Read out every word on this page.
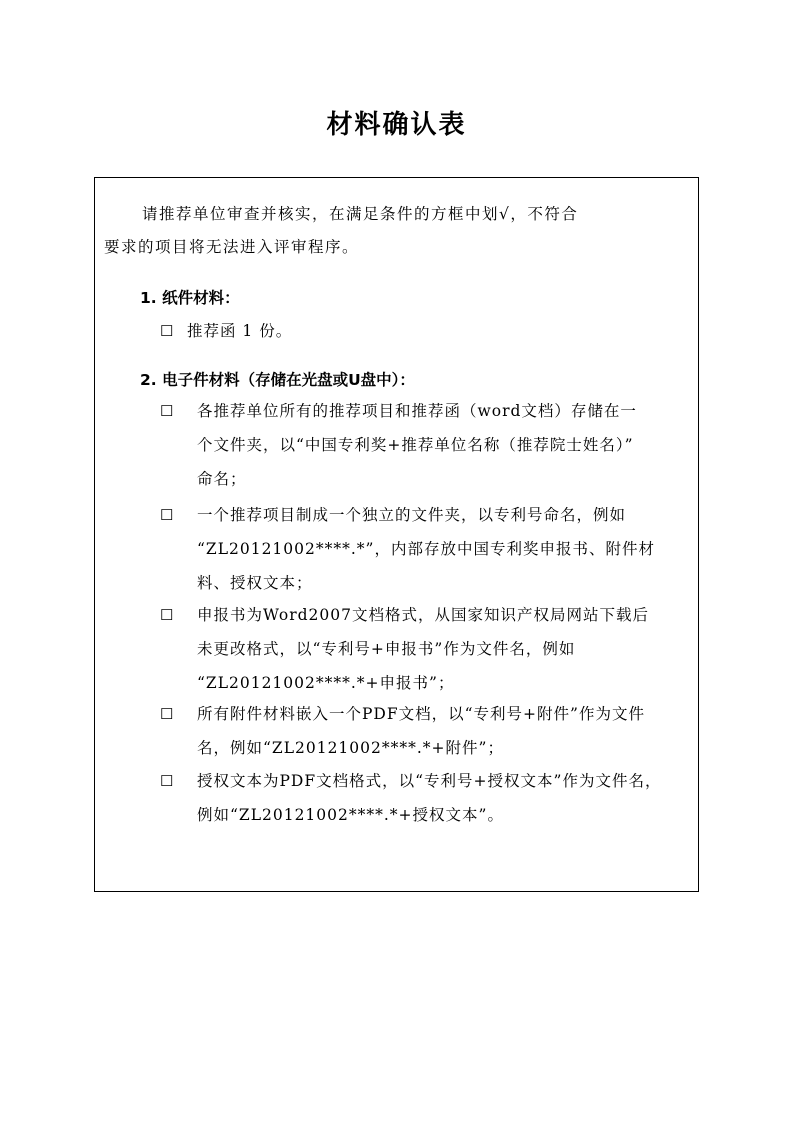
材料确认表
请推荐单位审查并核实，在满足条件的方框中划√，不符合
要求的项目将无法进入评审程序。
1. 纸件材料：
☐ 推荐函 1 份。
2. 电子件材料（存储在光盘或U盘中）：
☐ 各推荐单位所有的推荐项目和推荐函（word文档）存储在一
个文件夹，以“中国专利奖+推荐单位名称（推荐院士姓名）”
命名；
☐ 一个推荐项目制成一个独立的文件夹，以专利号命名，例如
“ZL20121002****.*”，内部存放中国专利奖申报书、附件材
料、授权文本；
☐ 申报书为Word2007文档格式，从国家知识产权局网站下载后
未更改格式，以“专利号+申报书”作为文件名，例如
“ZL20121002****.*+申报书”；
☐ 所有附件材料嵌入一个PDF文档，以“专利号+附件”作为文件
名，例如“ZL20121002****.*+附件”；
☐ 授权文本为PDF文档格式，以“专利号+授权文本”作为文件名，
例如“ZL20121002****.*+授权文本”。
